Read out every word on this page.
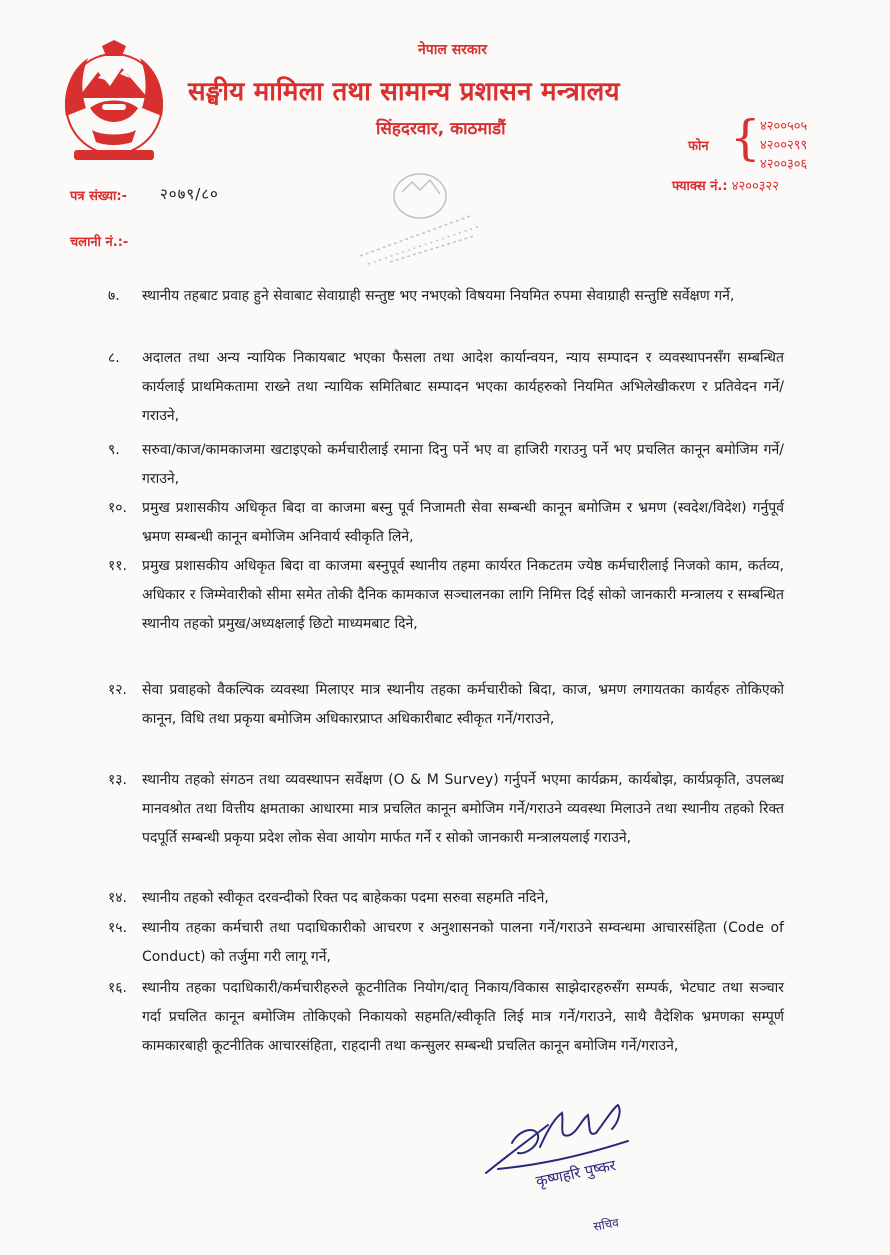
नेपाल सरकार
सङ्घीय मामिला तथा सामान्य प्रशासन मन्त्रालय
सिंहदरवार, काठमाडौं
फोन { ४२००५०५
४२००२९९
४२००३०६
फ्याक्स नं.: ४२००३२२
पत्र संख्या:- २०७९/८०
चलानी नं.:-
७.	स्थानीय तहबाट प्रवाह हुने सेवाबाट सेवाग्राही सन्तुष्ट भए नभएको विषयमा नियमित रुपमा सेवाग्राही सन्तुष्टि सर्वेक्षण गर्ने,
८.	अदालत तथा अन्य न्यायिक निकायबाट भएका फैसला तथा आदेश कार्यान्वयन, न्याय सम्पादन र व्यवस्थापनसँग सम्बन्धित कार्यलाई प्राथमिकतामा राख्ने तथा न्यायिक समितिबाट सम्पादन भएका कार्यहरुको नियमित अभिलेखीकरण र प्रतिवेदन गर्ने/गराउने,
९.	सरुवा/काज/कामकाजमा खटाइएको कर्मचारीलाई रमाना दिनु पर्ने भए वा हाजिरी गराउनु पर्ने भए प्रचलित कानून बमोजिम गर्ने/गराउने,
१०.	प्रमुख प्रशासकीय अधिकृत बिदा वा काजमा बस्नु पूर्व निजामती सेवा सम्बन्धी कानून बमोजिम र भ्रमण (स्वदेश/विदेश) गर्नुपूर्व भ्रमण सम्बन्धी कानून बमोजिम अनिवार्य स्वीकृति लिने,
११.	प्रमुख प्रशासकीय अधिकृत बिदा वा काजमा बस्नुपूर्व स्थानीय तहमा कार्यरत निकटतम ज्येष्ठ कर्मचारीलाई निजको काम, कर्तव्य, अधिकार र जिम्मेवारीको सीमा समेत तोकी दैनिक कामकाज सञ्चालनका लागि निमित्त दिई सोको जानकारी मन्त्रालय र सम्बन्धित स्थानीय तहको प्रमुख/अध्यक्षलाई छिटो माध्यमबाट दिने,
१२.	सेवा प्रवाहको वैकल्पिक व्यवस्था मिलाएर मात्र स्थानीय तहका कर्मचारीको बिदा, काज, भ्रमण लगायतका कार्यहरु तोकिएको कानून, विधि तथा प्रकृया बमोजिम अधिकारप्राप्त अधिकारीबाट स्वीकृत गर्ने/गराउने,
१३.	स्थानीय तहको संगठन तथा व्यवस्थापन सर्वेक्षण (O & M Survey) गर्नुपर्ने भएमा कार्यक्रम, कार्यबोझ, कार्यप्रकृति, उपलब्ध मानवश्रोत तथा वित्तीय क्षमताका आधारमा मात्र प्रचलित कानून बमोजिम गर्ने/गराउने व्यवस्था मिलाउने तथा स्थानीय तहको रिक्त पदपूर्ति सम्बन्धी प्रकृया प्रदेश लोक सेवा आयोग मार्फत गर्ने र सोको जानकारी मन्त्रालयलाई गराउने,
१४.	स्थानीय तहको स्वीकृत दरवन्दीको रिक्त पद बाहेकका पदमा सरुवा सहमति नदिने,
१५.	स्थानीय तहका कर्मचारी तथा पदाधिकारीको आचरण र अनुशासनको पालना गर्ने/गराउने सम्वन्धमा आचारसंहिता (Code of Conduct) को तर्जुमा गरी लागू गर्ने,
१६.	स्थानीय तहका पदाधिकारी/कर्मचारीहरुले कूटनीतिक नियोग/दातृ निकाय/विकास साझेदारहरुसँग सम्पर्क, भेटघाट तथा सञ्चार गर्दा प्रचलित कानून बमोजिम तोकिएको निकायको सहमति/स्वीकृति लिई मात्र गर्ने/गराउने, साथै वैदेशिक भ्रमणका सम्पूर्ण कामकारबाही कूटनीतिक आचारसंहिता, राहदानी तथा कन्सुलर सम्बन्धी प्रचलित कानून बमोजिम गर्ने/गराउने,
कृष्णहरि पुष्कर
सचिव
